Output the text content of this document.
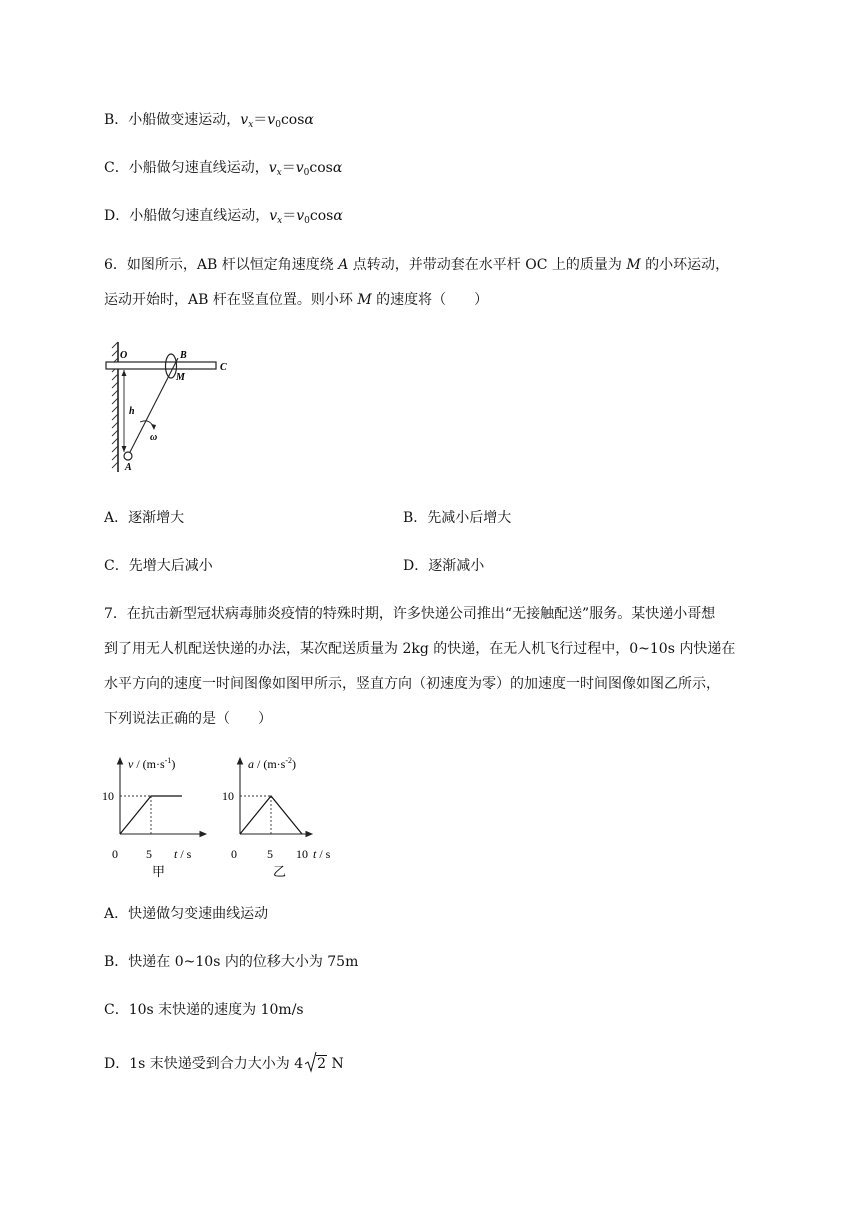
B．小船做变速运动，$v_x=v_0\cos\alpha$
C．小船做匀速直线运动，$v_x=v_0\cos\alpha$
D．小船做匀速直线运动，$v_x=v_0\cos\alpha$
6．如图所示，AB 杆以恒定角速度绕 A 点转动，并带动套在水平杆 OC 上的质量为 M 的小环运动，
运动开始时，AB 杆在竖直位置。则小环 M 的速度将（　　）
O	B
C
M
h
ω
A
A．逐渐增大	B．先减小后增大
C．先增大后减小	D．逐渐减小
7．在抗击新型冠状病毒肺炎疫情的特殊时期，许多快递公司推出“无接触配送”服务。某快递小哥想
到了用无人机配送快递的办法，某次配送质量为 2kg 的快递，在无人机飞行过程中，0~10s 内快递在
水平方向的速度一时间图像如图甲所示，竖直方向（初速度为零）的加速度一时间图像如图乙所示，
下列说法正确的是（　　）
$v / (m\cdot s^{-1})$
10
0 5 t / s
甲
$a / (m\cdot s^{-2})$
10
0	5 10 t / s
乙
A．快递做匀变速曲线运动
B．快递在 0~10s 内的位移大小为 75m
C．10s 末快递的速度为 10m/s
D．1s 末快递受到合力大小为 4 2 N
